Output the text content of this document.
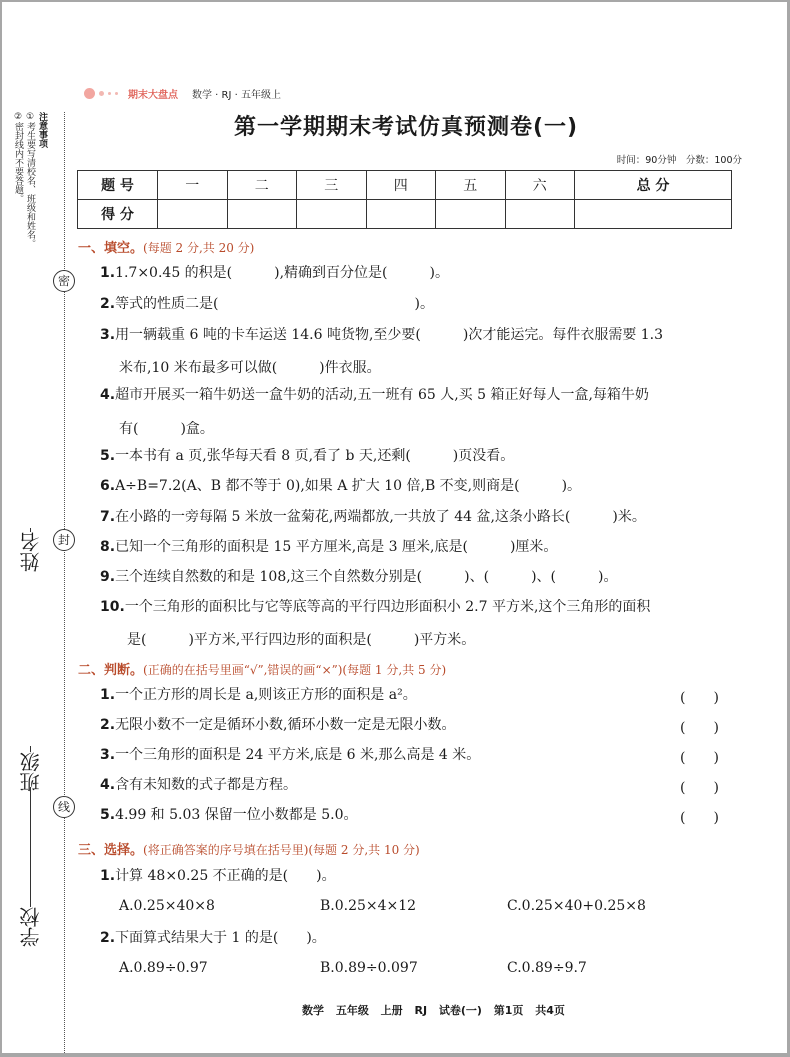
注意事项
①考生要写清校名、班级和姓名。
②密封线内不要答题。
密
封
线
姓名
班级
学校
期末大盘点 数学 · RJ · 五年级上
第一学期期末考试仿真预测卷(一)
时间：90分钟　分数：100分
题 号	一	二	三	四	五	六	总 分
得 分							
一、填空。(每题 2 分,共 20 分)
1.1.7×0.45 的积是(　　　),精确到百分位是(　　　)。
2.等式的性质二是(　　　　　　　　　　　　　　)。
3.用一辆载重 6 吨的卡车运送 14.6 吨货物,至少要(　　　)次才能运完。每件衣服需要 1.3
米布,10 米布最多可以做(　　　)件衣服。
4.超市开展买一箱牛奶送一盒牛奶的活动,五一班有 65 人,买 5 箱正好每人一盒,每箱牛奶
有(　　　)盒。
5.一本书有 a 页,张华每天看 8 页,看了 b 天,还剩(　　　)页没看。
6.A÷B=7.2(A、B 都不等于 0),如果 A 扩大 10 倍,B 不变,则商是(　　　)。
7.在小路的一旁每隔 5 米放一盆菊花,两端都放,一共放了 44 盆,这条小路长(　　　)米。
8.已知一个三角形的面积是 15 平方厘米,高是 3 厘米,底是(　　　)厘米。
9.三个连续自然数的和是 108,这三个自然数分别是(　　　)、(　　　)、(　　　)。
10.一个三角形的面积比与它等底等高的平行四边形面积小 2.7 平方米,这个三角形的面积
是(　　　)平方米,平行四边形的面积是(　　　)平方米。
二、判断。(正确的在括号里画“√”,错误的画“×”)(每题 1 分,共 5 分)
1.一个正方形的周长是 a,则该正方形的面积是 a²。	(　　)
2.无限小数不一定是循环小数,循环小数一定是无限小数。	(　　)
3.一个三角形的面积是 24 平方米,底是 6 米,那么高是 4 米。	(　　)
4.含有未知数的式子都是方程。	(　　)
5.4.99 和 5.03 保留一位小数都是 5.0。	(　　)
三、选择。(将正确答案的序号填在括号里)(每题 2 分,共 10 分)
1.计算 48×0.25 不正确的是(　　)。
A.0.25×40×8	B.0.25×4×12	C.0.25×40+0.25×8
2.下面算式结果大于 1 的是(　　)。
A.0.89÷0.97	B.0.89÷0.097	C.0.89÷9.7
数学 五年级 上册 RJ 试卷(一) 第1页 共4页
